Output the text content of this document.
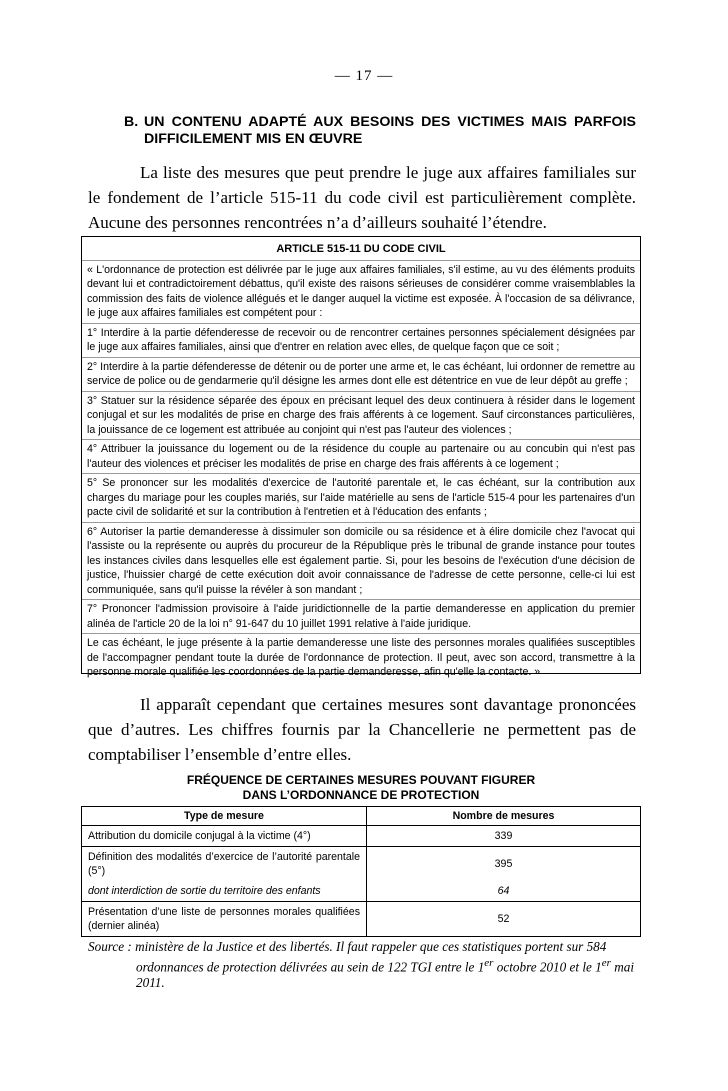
— 17 —
B. UN CONTENU ADAPTÉ AUX BESOINS DES VICTIMES MAIS PARFOIS DIFFICILEMENT MIS EN ŒUVRE
La liste des mesures que peut prendre le juge aux affaires familiales sur le fondement de l’article 515-11 du code civil est particulièrement complète. Aucune des personnes rencontrées n’a d’ailleurs souhaité l’étendre.
ARTICLE 515-11 DU CODE CIVIL
« L'ordonnance de protection est délivrée par le juge aux affaires familiales, s'il estime, au vu des éléments produits devant lui et contradictoirement débattus, qu'il existe des raisons sérieuses de considérer comme vraisemblables la commission des faits de violence allégués et le danger auquel la victime est exposée. À l'occasion de sa délivrance, le juge aux affaires familiales est compétent pour :
1° Interdire à la partie défenderesse de recevoir ou de rencontrer certaines personnes spécialement désignées par le juge aux affaires familiales, ainsi que d'entrer en relation avec elles, de quelque façon que ce soit ;
2° Interdire à la partie défenderesse de détenir ou de porter une arme et, le cas échéant, lui ordonner de remettre au service de police ou de gendarmerie qu'il désigne les armes dont elle est détentrice en vue de leur dépôt au greffe ;
3° Statuer sur la résidence séparée des époux en précisant lequel des deux continuera à résider dans le logement conjugal et sur les modalités de prise en charge des frais afférents à ce logement. Sauf circonstances particulières, la jouissance de ce logement est attribuée au conjoint qui n'est pas l'auteur des violences ;
4° Attribuer la jouissance du logement ou de la résidence du couple au partenaire ou au concubin qui n'est pas l'auteur des violences et préciser les modalités de prise en charge des frais afférents à ce logement ;
5° Se prononcer sur les modalités d'exercice de l'autorité parentale et, le cas échéant, sur la contribution aux charges du mariage pour les couples mariés, sur l'aide matérielle au sens de l'article 515-4 pour les partenaires d'un pacte civil de solidarité et sur la contribution à l'entretien et à l'éducation des enfants ;
6° Autoriser la partie demanderesse à dissimuler son domicile ou sa résidence et à élire domicile chez l'avocat qui l'assiste ou la représente ou auprès du procureur de la République près le tribunal de grande instance pour toutes les instances civiles dans lesquelles elle est également partie. Si, pour les besoins de l'exécution d'une décision de justice, l'huissier chargé de cette exécution doit avoir connaissance de l'adresse de cette personne, celle-ci lui est communiquée, sans qu'il puisse la révéler à son mandant ;
7° Prononcer l'admission provisoire à l'aide juridictionnelle de la partie demanderesse en application du premier alinéa de l'article 20 de la loi n° 91-647 du 10 juillet 1991 relative à l'aide juridique.
Le cas échéant, le juge présente à la partie demanderesse une liste des personnes morales qualifiées susceptibles de l'accompagner pendant toute la durée de l'ordonnance de protection. Il peut, avec son accord, transmettre à la personne morale qualifiée les coordonnées de la partie demanderesse, afin qu'elle la contacte. »
Il apparaît cependant que certaines mesures sont davantage prononcées que d’autres. Les chiffres fournis par la Chancellerie ne permettent pas de comptabiliser l’ensemble d’entre elles.
FRÉQUENCE DE CERTAINES MESURES POUVANT FIGURER
DANS L’ORDONNANCE DE PROTECTION
Type de mesure	Nombre de mesures
Attribution du domicile conjugal à la victime (4°)	339
Définition des modalités d’exercice de l’autorité parentale (5°)	395
dont interdiction de sortie du territoire des enfants	64
Présentation d’une liste de personnes morales qualifiées (dernier alinéa)	52
Source : ministère de la Justice et des libertés. Il faut rappeler que ces statistiques portent sur 584 ordonnances de protection délivrées au sein de 122 TGI entre le 1er octobre 2010 et le 1er mai 2011.
